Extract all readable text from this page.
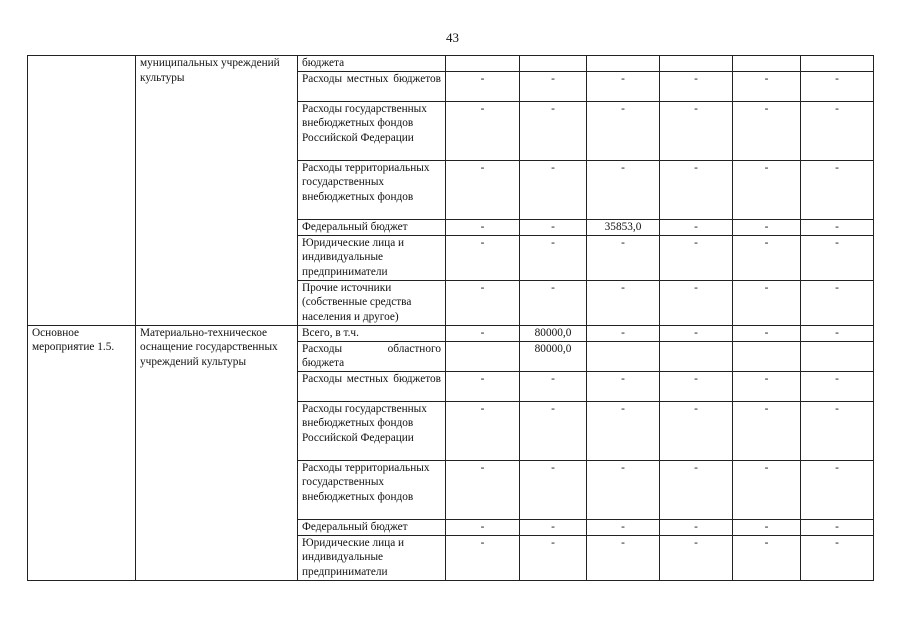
43
	муниципальных учреждений культуры	бюджета						
		Расходы местных бюджетов	-	-	-	-	-	-
		Расходы государственных внебюджетных фондов Российской Федерации	-	-	-	-	-	-
		Расходы территориальных государственных внебюджетных фондов	-	-	-	-	-	-
		Федеральный бюджет	-	-	35853,0	-	-	-
		Юридические лица и индивидуальные предприниматели	-	-	-	-	-	-
		Прочие источники (собственные средства населения и другое)	-	-	-	-	-	-
Основное мероприятие 1.5.	Материально-техническое оснащение государственных учреждений культуры	Всего, в т.ч.	-	80000,0	-	-	-	-
		Расходы областного бюджета		80000,0				
		Расходы местных бюджетов	-	-	-	-	-	-
		Расходы государственных внебюджетных фондов Российской Федерации	-	-	-	-	-	-
		Расходы территориальных государственных внебюджетных фондов	-	-	-	-	-	-
		Федеральный бюджет	-	-	-	-	-	-
		Юридические лица и индивидуальные предприниматели	-	-	-	-	-	-
